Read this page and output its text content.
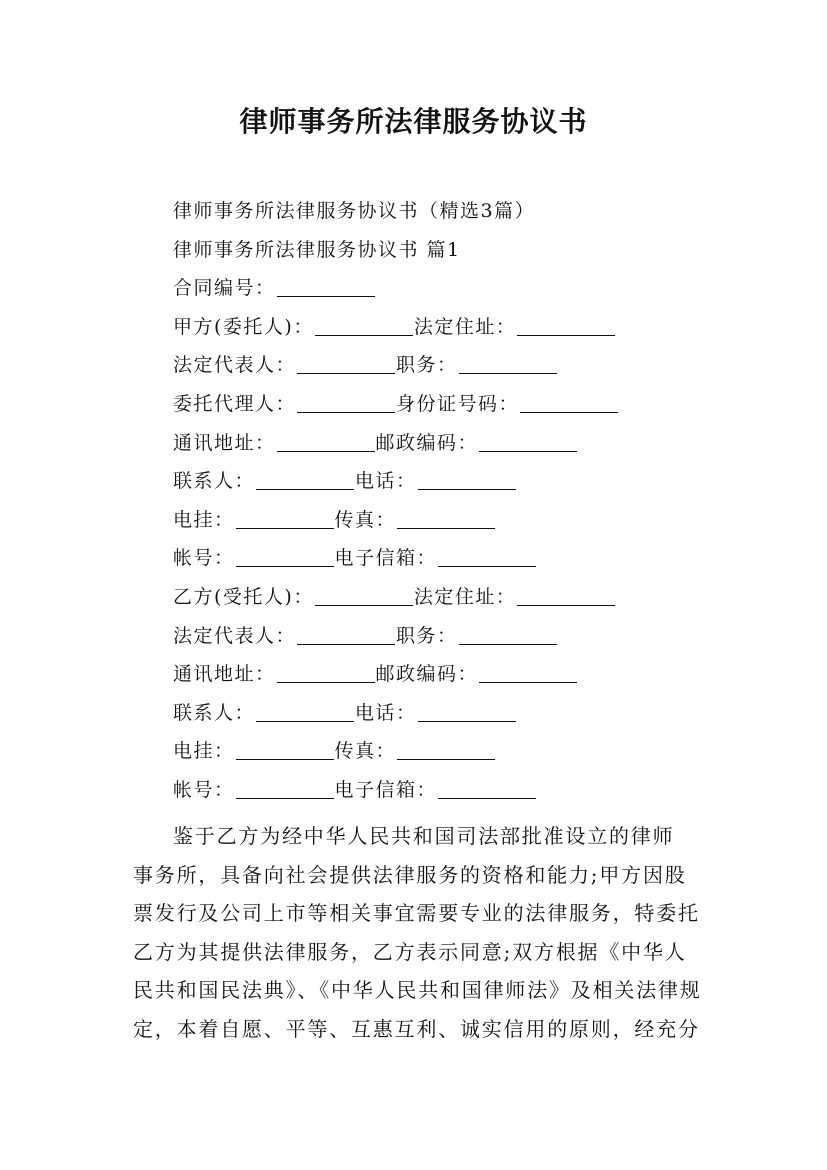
律师事务所法律服务协议书
律师事务所法律服务协议书（精选3篇）
律师事务所法律服务协议书 篇1
合同编号：
甲方(委托人)：	法定住址：
法定代表人：	职务：
委托代理人：	身份证号码：
通讯地址：	邮政编码：
联系人：	电话：
电挂：	传真：
帐号：	电子信箱：
乙方(受托人)：	法定住址：
法定代表人：	职务：
通讯地址：	邮政编码：
联系人：	电话：
电挂：	传真：
帐号：	电子信箱：
鉴于乙方为经中华人民共和国司法部批准设立的律师
事务所，具备向社会提供法律服务的资格和能力;甲方因股
票发行及公司上市等相关事宜需要专业的法律服务，特委托
乙方为其提供法律服务，乙方表示同意;双方根据《中华人
民共和国民法典》、《中华人民共和国律师法》及相关法律规
定，本着自愿、平等、互惠互利、诚实信用的原则，经充分
